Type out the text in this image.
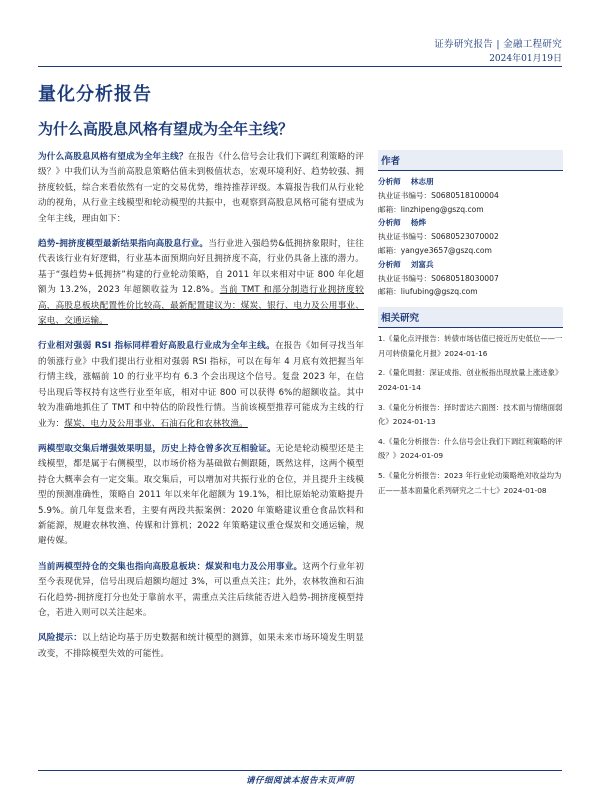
证券研究报告 | 金融工程研究
2024年01月19日
量化分析报告
为什么高股息风格有望成为全年主线？

为什么高股息风格有望成为全年主线？在报告《什么信号会让我们下调红利策略的评级？》中我们认为当前高股息策略估值未到极值状态，宏观环境利好、趋势较强、拥挤度较低，综合来看依然有一定的交易优势，维持推荐评级。本篇报告我们从行业轮动的视角，从行业主线模型和轮动模型的共振中，也观察到高股息风格可能有望成为全年主线，理由如下：

趋势-拥挤度模型最新结果指向高股息行业。当行业进入强趋势&低拥挤象限时，往往代表该行业有好逻辑，行业基本面预期向好且拥挤度不高，行业仍具备上涨的潜力。基于“强趋势+低拥挤”构建的行业轮动策略，自 2011 年以来相对中证 800 年化超额为 13.2%，2023 年超额收益为 12.8%。当前 TMT 和部分制造行业拥挤度较高，高股息板块配置性价比较高，最新配置建议为：煤炭、银行、电力及公用事业、家电、交通运输。

行业相对强弱 RSI 指标同样看好高股息行业成为全年主线。在报告《如何寻找当年的领涨行业》中我们提出行业相对强弱 RSI 指标，可以在每年 4 月底有效把握当年行情主线，涨幅前 10 的行业平均有 6.3 个会出现这个信号。复盘 2023 年，在信号出现后等权持有这些行业至年底，相对中证 800 可以获得 6%的超额收益。其中较为准确地抓住了 TMT 和中特估的阶段性行情。当前该模型推荐可能成为主线的行业为：煤炭、电力及公用事业、石油石化和农林牧渔。

两模型取交集后增强效果明显，历史上持仓曾多次互相验证。无论是轮动模型还是主线模型，都是属于右侧模型，以市场价格为基础做右侧跟随，既然这样，这两个模型持仓大概率会有一定交集。取交集后，可以增加对共振行业的仓位，并且提升主线模型的预测准确性，策略自 2011 年以来年化超额为 19.1%，相比原始轮动策略提升 5.9%。前几年复盘来看，主要有两段共振案例：2020 年策略建议重仓食品饮料和新能源，规避农林牧渔、传媒和计算机；2022 年策略建议重仓煤炭和交通运输，规避传媒。

当前两模型持仓的交集也指向高股息板块：煤炭和电力及公用事业。这两个行业年初至今表现优异，信号出现后超额均超过 3%，可以重点关注；此外，农林牧渔和石油石化趋势-拥挤度打分也处于靠前水平，需重点关注后续能否进入趋势-拥挤度模型持仓，若进入则可以关注起来。

风险提示：以上结论均基于历史数据和统计模型的测算，如果未来市场环境发生明显改变，不排除模型失效的可能性。

作者
分析师 林志朋
执业证书编号：S0680518100004
邮箱：linzhipeng@gszq.com
分析师 杨烨
执业证书编号：S0680523070002
邮箱：yangye3657@gszq.com
分析师 刘富兵
执业证书编号：S0680518030007
邮箱：liufubing@gszq.com
相关研究
1.《量化点评报告：转债市场估值已接近历史低位——一月可转债量化月报》2024-01-16
2.《量化周报：深证成指、创业板指出现放量上涨迹象》2024-01-14
3.《量化分析报告：择时雷达六面图：技术面与情绪面弱化》2024-01-13
4.《量化分析报告：什么信号会让我们下调红利策略的评级？》2024-01-09
5.《量化分析报告：2023 年行业轮动策略绝对收益均为正——基本面量化系列研究之二十七》2024-01-08
请仔细阅读本报告末页声明
